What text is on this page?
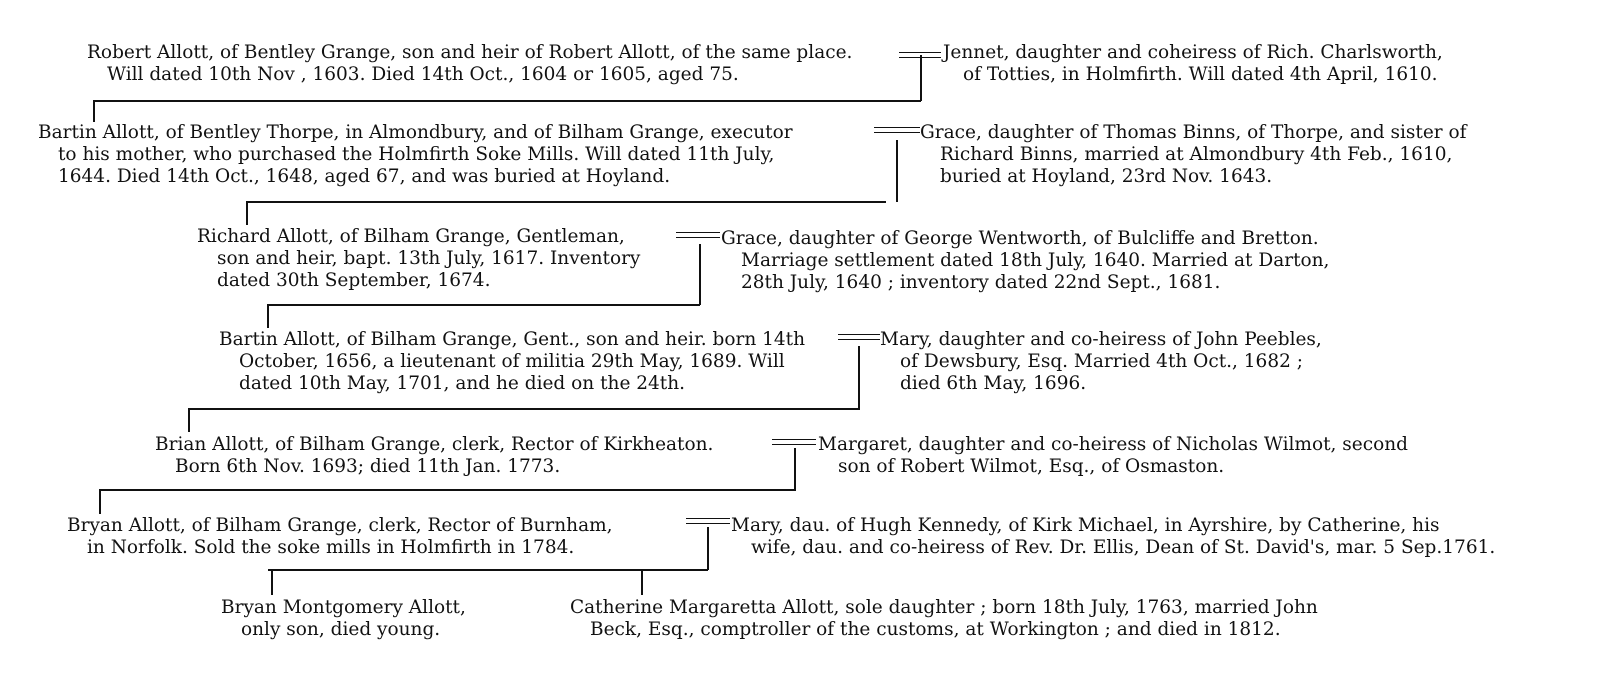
Robert Allott, of Bentley Grange, son and heir of Robert Allott, of the same place.
Will dated 10th Nov , 1603. Died 14th Oct., 1604 or 1605, aged 75.
Jennet, daughter and coheiress of Rich. Charlsworth,
of Totties, in Holmfirth. Will dated 4th April, 1610.
Bartin Allott, of Bentley Thorpe, in Almondbury, and of Bilham Grange, executor
to his mother, who purchased the Holmfirth Soke Mills. Will dated 11th July,
1644. Died 14th Oct., 1648, aged 67, and was buried at Hoyland.
Grace, daughter of Thomas Binns, of Thorpe, and sister of
Richard Binns, married at Almondbury 4th Feb., 1610,
buried at Hoyland, 23rd Nov. 1643.
Richard Allott, of Bilham Grange, Gentleman,
son and heir, bapt. 13th July, 1617. Inventory
dated 30th September, 1674.
Grace, daughter of George Wentworth, of Bulcliffe and Bretton.
Marriage settlement dated 18th July, 1640. Married at Darton,
28th July, 1640 ; inventory dated 22nd Sept., 1681.
Bartin Allott, of Bilham Grange, Gent., son and heir. born 14th
October, 1656, a lieutenant of militia 29th May, 1689. Will
dated 10th May, 1701, and he died on the 24th.
Mary, daughter and co-heiress of John Peebles,
of Dewsbury, Esq. Married 4th Oct., 1682 ;
died 6th May, 1696.
Brian Allott, of Bilham Grange, clerk, Rector of Kirkheaton.
Born 6th Nov. 1693; died 11th Jan. 1773.
Margaret, daughter and co-heiress of Nicholas Wilmot, second
son of Robert Wilmot, Esq., of Osmaston.
Bryan Allott, of Bilham Grange, clerk, Rector of Burnham,
in Norfolk. Sold the soke mills in Holmfirth in 1784.
Mary, dau. of Hugh Kennedy, of Kirk Michael, in Ayrshire, by Catherine, his
wife, dau. and co-heiress of Rev. Dr. Ellis, Dean of St. David's, mar. 5 Sep.1761.
Bryan Montgomery Allott,
only son, died young.
Catherine Margaretta Allott, sole daughter ; born 18th July, 1763, married John
Beck, Esq., comptroller of the customs, at Workington ; and died in 1812.
